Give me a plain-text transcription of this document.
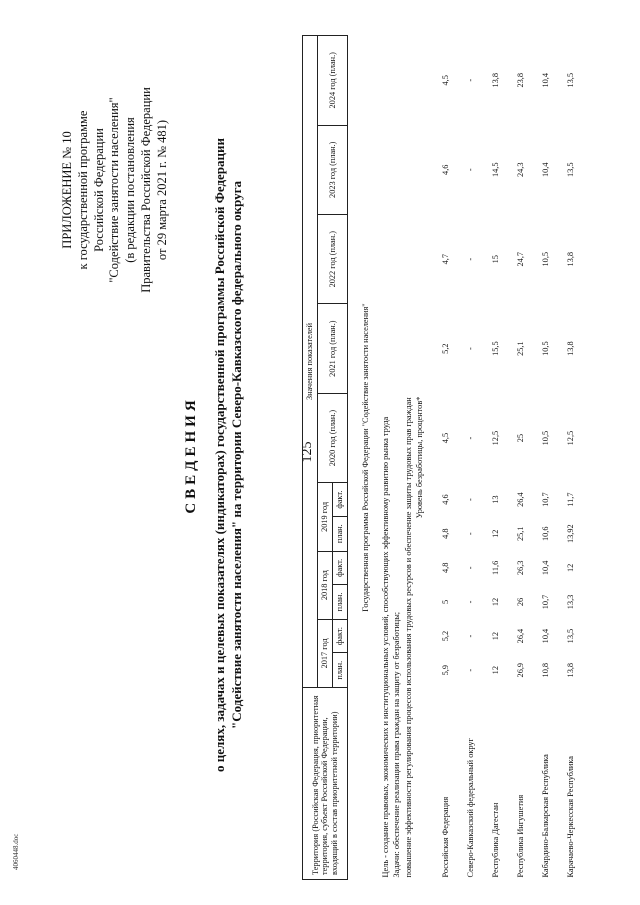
125
4060448.doc
ПРИЛОЖЕНИЕ № 10 к государственной программе Российской Федерации "Содействие занятости населения" (в редакции постановления Правительства Российской Федерации от 29 марта 2021 г. № 481)
СВЕДЕНИЯ о целях, задачах и целевых показателях (индикаторах) государственной программы Российской Федерации "Содействие занятости населения" на территории Северо-Кавказского федерального округа
Территория (Российская Федерация, приоритетная территория, субъект Российской Федерации, входящий в состав приоритетной территории)	Значения показателей										
	2017 год		2018 год		2019 год		2020 год (план.)	2021 год (план.)	2022 год (план.)	2023 год (план.)	2024 год (план.)
	план.	факт.	план.	факт.	план.	факт.					

Государственная программа Российской Федерации "Содействие занятости населения"											

Цель - создание правовых, экономических и институциональных условий, способствующих эффективному развитию рынка труда											
Задачи: обеспечение реализации права граждан на защиту от безработицы;											
повышение эффективности регулирования процессов использования трудовых ресурсов и обеспечение защиты трудовых прав граждан											
Уровень безработицы, процентов*											

Российская Федерация	5,9	5,2	5	4,8	4,8	4,6	4,5	5,2	4,7	4,6	4,5
Северо-Кавказский федеральный округ	-	-	-	-	-	-	-	-	-	-	-
Республика Дагестан	12	12	12	11,6	12	13	12,5	15,5	15	14,5	13,8
Республика Ингушетия	26,9	26,4	26	26,3	25,1	26,4	25	25,1	24,7	24,3	23,8
Кабардино-Балкарская Республика	10,8	10,4	10,7	10,4	10,6	10,7	10,5	10,5	10,5	10,4	10,4
Карачаево-Черкесская Республика	13,8	13,5	13,3	12	13,92	11,7	12,5	13,8	13,8	13,5	13,5
